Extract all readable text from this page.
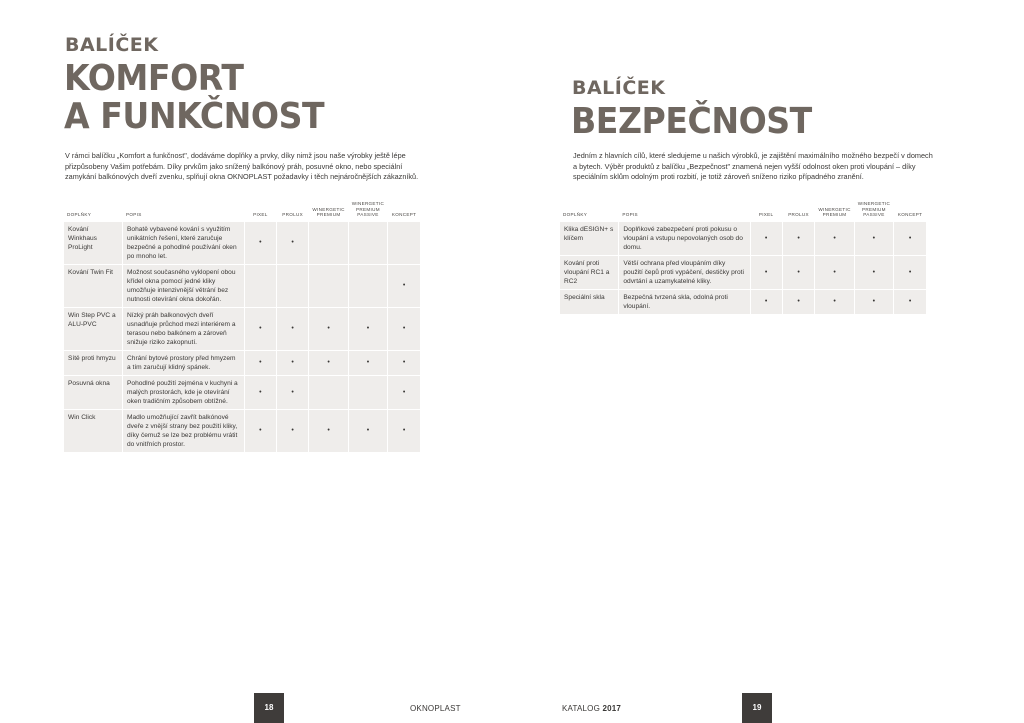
BALÍČEK
KOMFORT
A FUNKČNOST
V rámci balíčku „Komfort a funkčnost", dodáváme doplňky a prvky, díky nimž jsou naše výrobky ještě lépe
přizpůsobeny Vašim potřebám. Díky prvkům jako snížený balkónový práh, posuvné okno, nebo speciální
zamykání balkónových dveří zvenku, splňují okna OKNOPLAST požadavky i těch nejnáročnějších zákazníků.
DOPLŇKY	POPIS	PIXEL	PROLUX	WINERGETIC PREMIUM	WINERGETIC PREMIUM PASSIVE	KONCEPT
Kování Winkhaus ProLight	Bohatě vybavené kování s využitím unikátních řešení, které zaručuje bezpečné a pohodlné používání oken po mnoho let.	•	•			
Kování Twin Fit	Možnost současného vyklopení obou křídel okna pomocí jedné kliky umožňuje intenzivnější větrání bez nutnosti otevírání okna dokořán.					•
Win Step PVC a ALU-PVC	Nízký práh balkonových dveří usnadňuje průchod mezi interiérem a terasou nebo balkónem a zároveň snižuje riziko zakopnutí.	•	•	•	•	•
Sítě proti hmyzu	Chrání bytové prostory před hmyzem a tím zaručují klidný spánek.	•	•	•	•	•
Posuvná okna	Pohodlné použití zejména v kuchyni a malých prostorách, kde je otevírání oken tradičním způsobem obtížné.	•	•			•
Win Click	Madlo umožňující zavřít balkónové dveře z vnější strany bez použití kliky, díky čemuž se lze bez problému vrátit do vnitřních prostor.	•	•	•	•	•
18	OKNOPLAST
BALÍČEK
BEZPEČNOST
Jedním z hlavních cílů, které sledujeme u našich výrobků, je zajištění maximálního možného bezpečí v domech
a bytech. Výběr produktů z balíčku „Bezpečnost" znamená nejen vyšší odolnost oken proti vloupání – díky
speciálním sklům odolným proti rozbití, je totiž zároveň sníženo riziko případného zranění.
DOPLŇKY	POPIS	PIXEL	PROLUX	WINERGETIC PREMIUM	WINERGETIC PREMIUM PASSIVE	KONCEPT
Klika dESIGN+ s klíčem	Doplňkové zabezpečení proti pokusu o vloupání a vstupu nepovolaných osob do domu.	•	•	•	•	•
Kování proti vloupání RC1 a RC2	Větší ochrana před vloupáním díky použití čepů proti vypáčení, destičky proti odvrtání a uzamykatelné kliky.	•	•	•	•	•
Speciální skla	Bezpečná tvrzená skla, odolná proti vloupání.	•	•	•	•	•
KATALOG 2017	19
